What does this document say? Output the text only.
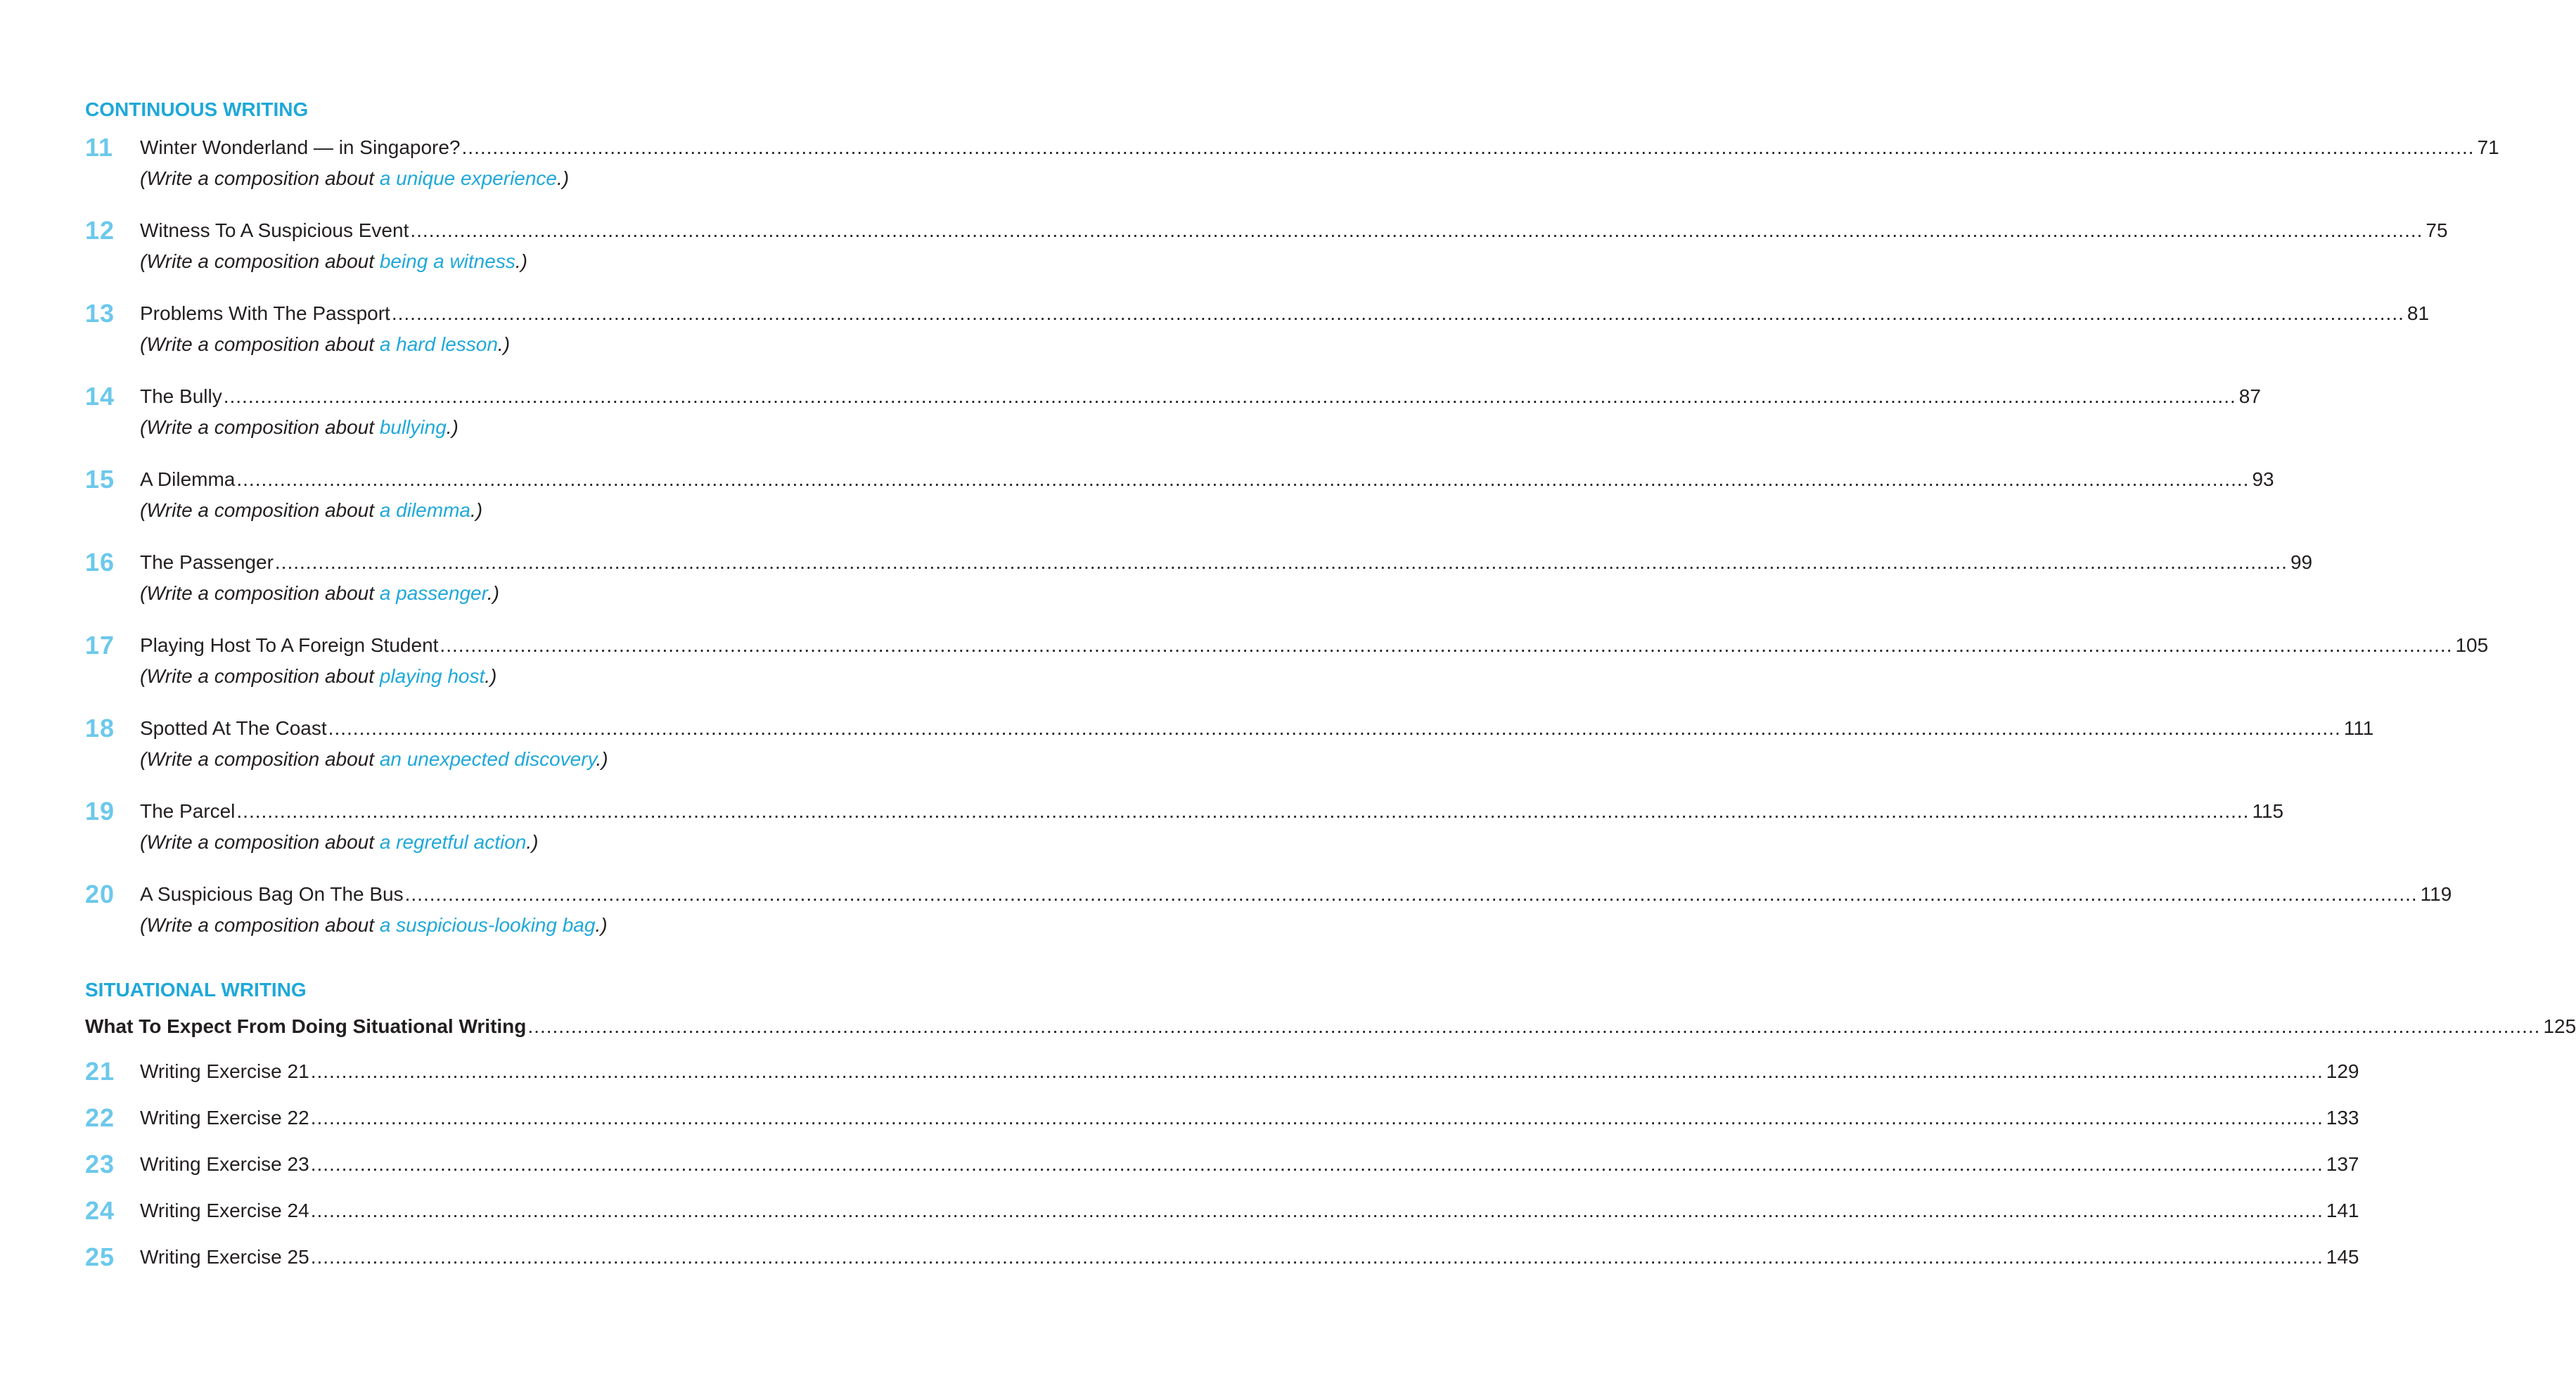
CONTINUOUS WRITING
11	Winter Wonderland — in Singapore? .....	71
(Write a composition about a unique experience.)
12	Witness To A Suspicious Event .....	75
(Write a composition about being a witness.)
13	Problems With The Passport .....	81
(Write a composition about a hard lesson.)
14	The Bully .....	87
(Write a composition about bullying.)
15	A Dilemma .....	93
(Write a composition about a dilemma.)
16	The Passenger .....	99
(Write a composition about a passenger.)
17	Playing Host To A Foreign Student .....	105
(Write a composition about playing host.)
18	Spotted At The Coast .....	111
(Write a composition about an unexpected discovery.)
19	The Parcel .....	115
(Write a composition about a regretful action.)
20	A Suspicious Bag On The Bus .....	119
(Write a composition about a suspicious-looking bag.)
SITUATIONAL WRITING
What To Expect From Doing Situational Writing .....	125
21	Writing Exercise 21 .....	129
22	Writing Exercise 22 .....	133
23	Writing Exercise 23 .....	137
24	Writing Exercise 24 .....	141
25	Writing Exercise 25 .....	145
